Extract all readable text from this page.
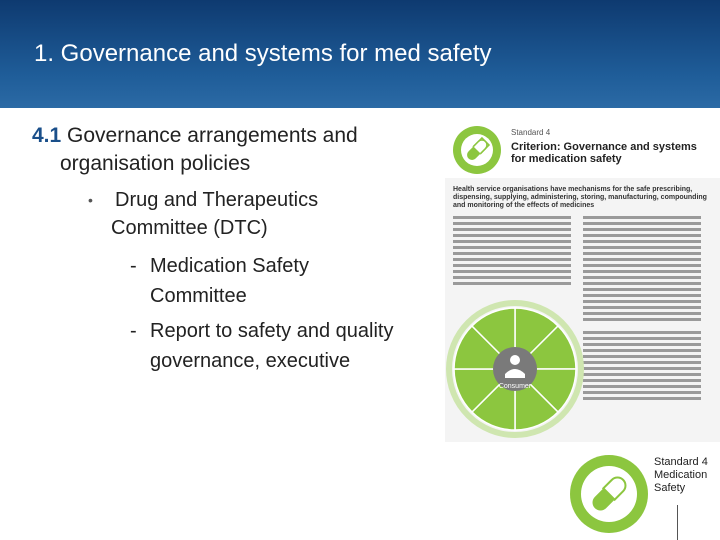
1. Governance and systems for med safety
4.1 Governance arrangements and
organisation policies
•	Drug and Therapeutics
Committee (DTC)
- Medication Safety
Committee
- Report to safety and quality
governance, executive
Standard 4
Criterion: Governance and systems for medication safety
Health service organisations have mechanisms for the safe prescribing, dispensing, supplying, administering, storing, manufacturing, compounding and monitoring of the effects of medicines
Consumer
Standard 4
Medication
Safety
